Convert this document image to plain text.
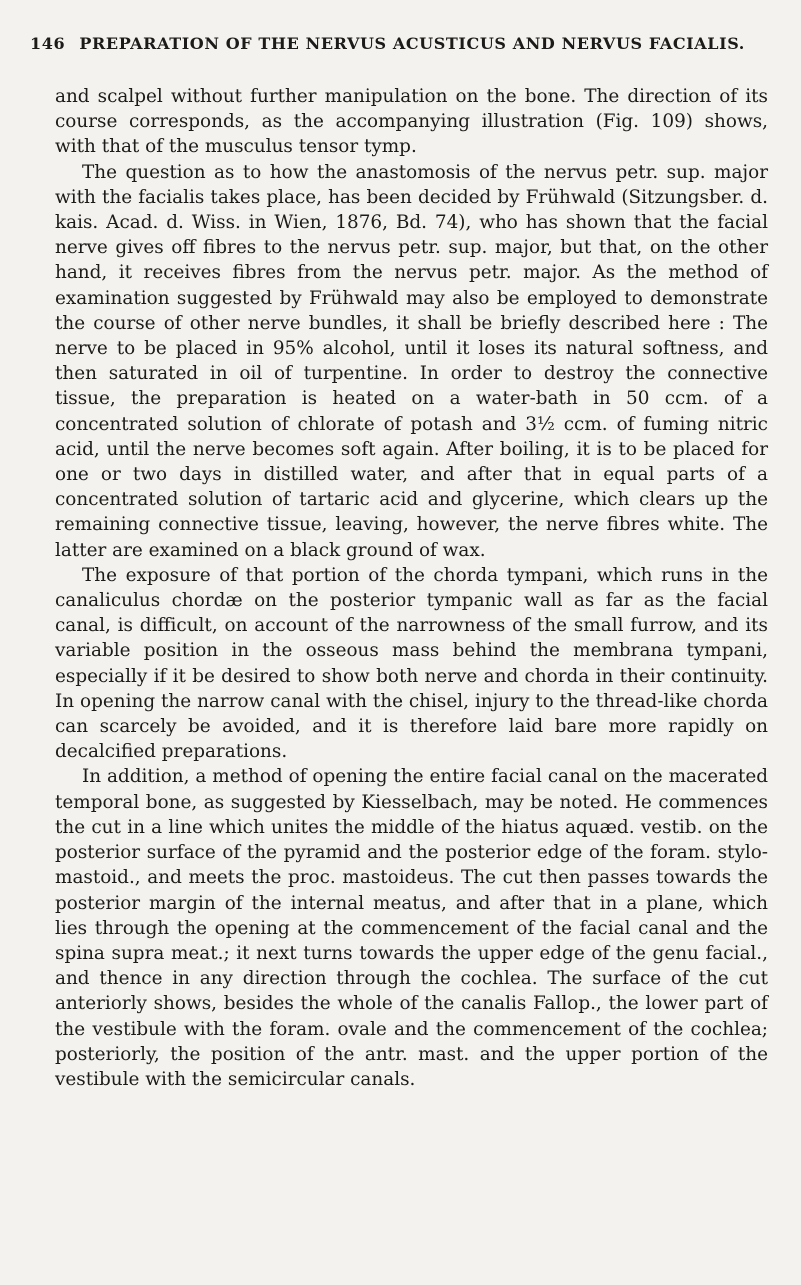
146 PREPARATION OF THE NERVUS ACUSTICUS AND NERVUS FACIALIS.

and scalpel without further manipulation on the bone. The direction of its course corresponds, as the accompanying illustration (Fig. 109) shows, with that of the musculus tensor tymp.

The question as to how the anastomosis of the nervus petr. sup. major with the facialis takes place, has been decided by Frühwald (Sitzungsber. d. kais. Acad. d. Wiss. in Wien, 1876, Bd. 74), who has shown that the facial nerve gives off fibres to the nervus petr. sup. major, but that, on the other hand, it receives fibres from the nervus petr. major. As the method of examination suggested by Frühwald may also be employed to demonstrate the course of other nerve bundles, it shall be briefly described here : The nerve to be placed in 95% alcohol, until it loses its natural softness, and then saturated in oil of turpentine. In order to destroy the connective tissue, the preparation is heated on a water-bath in 50 ccm. of a concentrated solution of chlorate of potash and 3½ ccm. of fuming nitric acid, until the nerve becomes soft again. After boiling, it is to be placed for one or two days in distilled water, and after that in equal parts of a concentrated solution of tartaric acid and glycerine, which clears up the remaining connective tissue, leaving, however, the nerve fibres white. The latter are examined on a black ground of wax.

The exposure of that portion of the chorda tympani, which runs in the canaliculus chordæ on the posterior tympanic wall as far as the facial canal, is difficult, on account of the narrowness of the small furrow, and its variable position in the osseous mass behind the membrana tympani, especially if it be desired to show both nerve and chorda in their continuity. In opening the narrow canal with the chisel, injury to the thread-like chorda can scarcely be avoided, and it is therefore laid bare more rapidly on decalcified preparations.

In addition, a method of opening the entire facial canal on the macerated temporal bone, as suggested by Kiesselbach, may be noted. He commences the cut in a line which unites the middle of the hiatus aquæd. vestib. on the posterior surface of the pyramid and the posterior edge of the foram. stylo-mastoid., and meets the proc. mastoideus. The cut then passes towards the posterior margin of the internal meatus, and after that in a plane, which lies through the opening at the commencement of the facial canal and the spina supra meat.; it next turns towards the upper edge of the genu facial., and thence in any direction through the cochlea. The surface of the cut anteriorly shows, besides the whole of the canalis Fallop., the lower part of the vestibule with the foram. ovale and the commencement of the cochlea; posteriorly, the position of the antr. mast. and the upper portion of the vestibule with the semicircular canals.
